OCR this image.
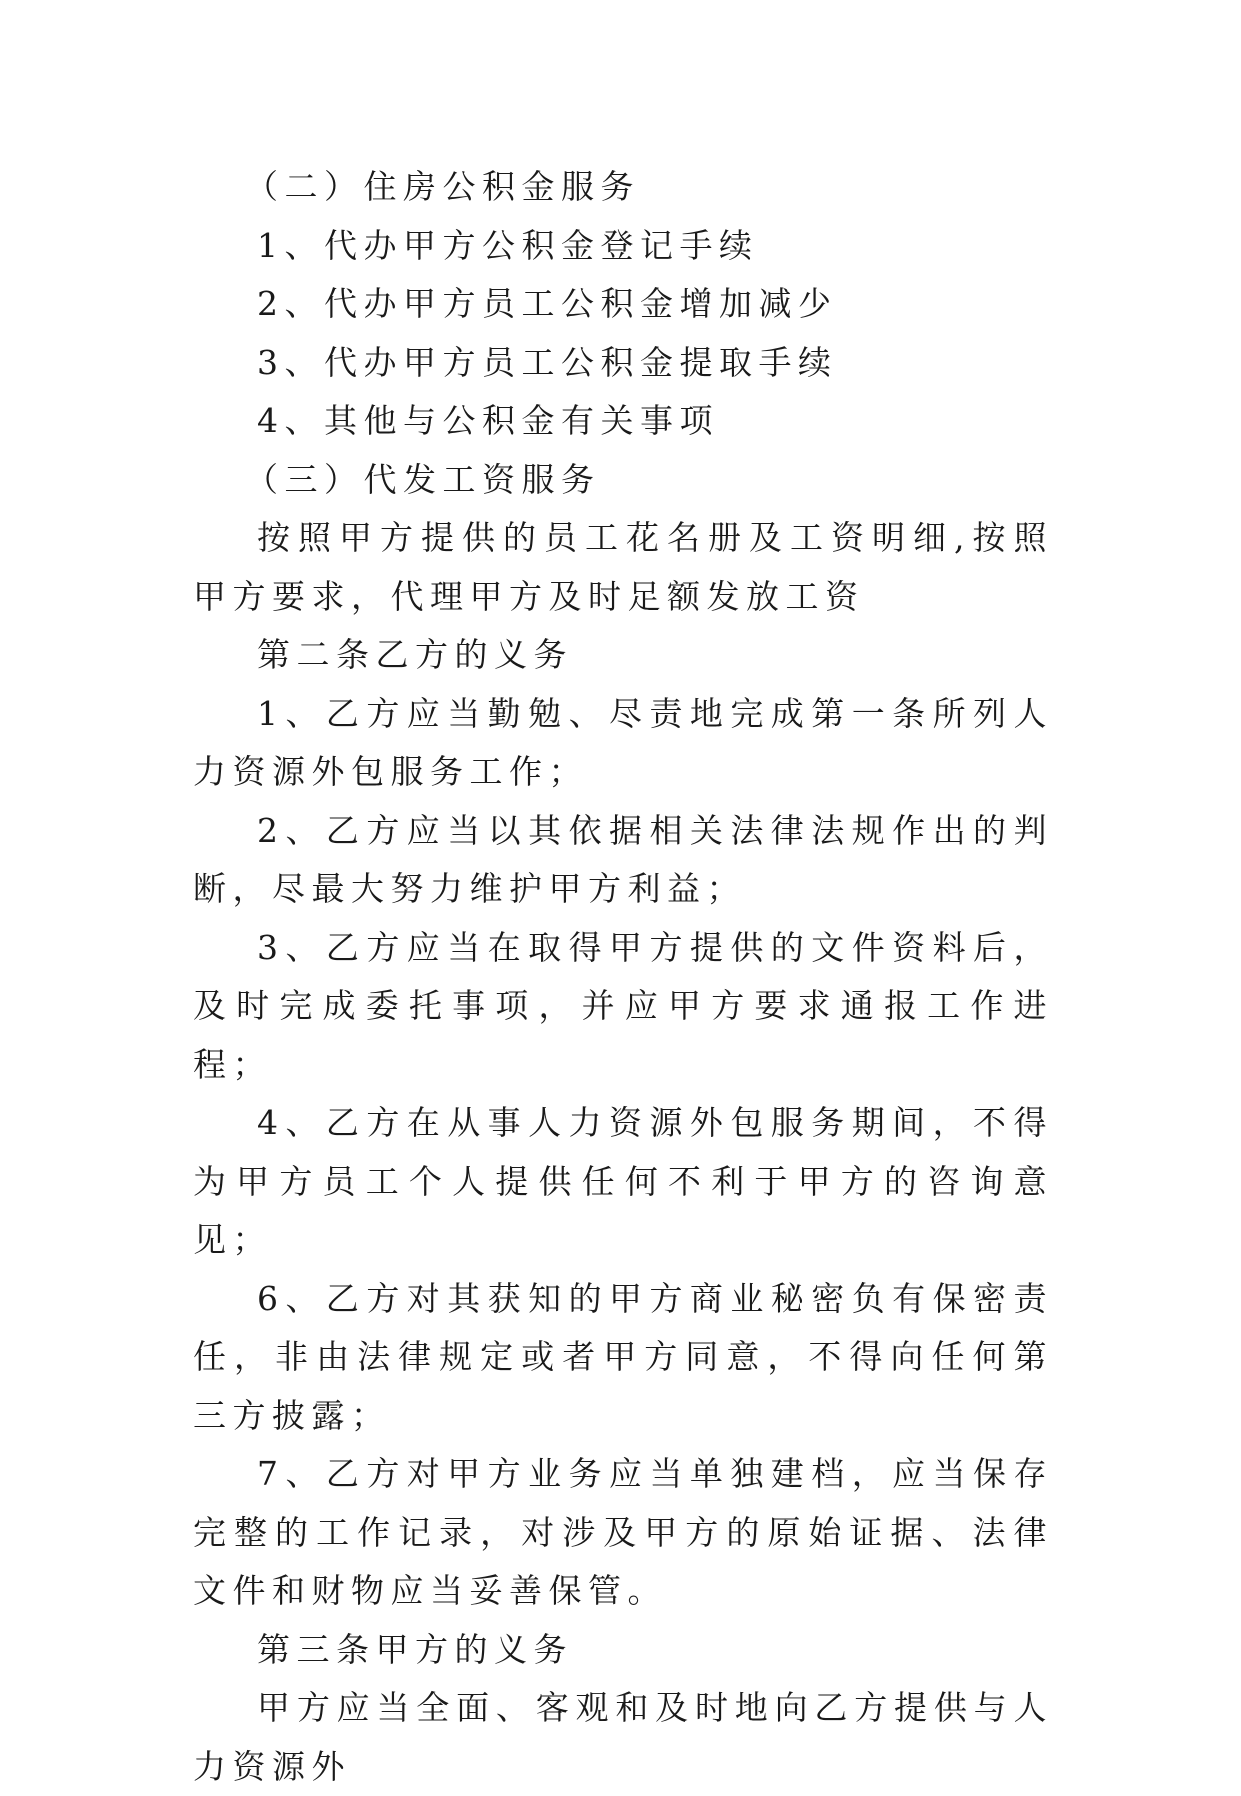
（二）住房公积金服务

1、代办甲方公积金登记手续

2、代办甲方员工公积金增加减少

3、代办甲方员工公积金提取手续

4、其他与公积金有关事项

（三）代发工资服务

按照甲方提供的员工花名册及工资明细,按照甲方要求，代理甲方及时足额发放工资

第二条乙方的义务

1、乙方应当勤勉、尽责地完成第一条所列人力资源外包服务工作；

2、乙方应当以其依据相关法律法规作出的判断，尽最大努力维护甲方利益；

3、乙方应当在取得甲方提供的文件资料后，及时完成委托事项，并应甲方要求通报工作进程；

4、乙方在从事人力资源外包服务期间，不得为甲方员工个人提供任何不利于甲方的咨询意见；

6、乙方对其获知的甲方商业秘密负有保密责任，非由法律规定或者甲方同意，不得向任何第三方披露；

7、乙方对甲方业务应当单独建档，应当保存完整的工作记录，对涉及甲方的原始证据、法律文件和财物应当妥善保管。

第三条甲方的义务

甲方应当全面、客观和及时地向乙方提供与人力资源外
